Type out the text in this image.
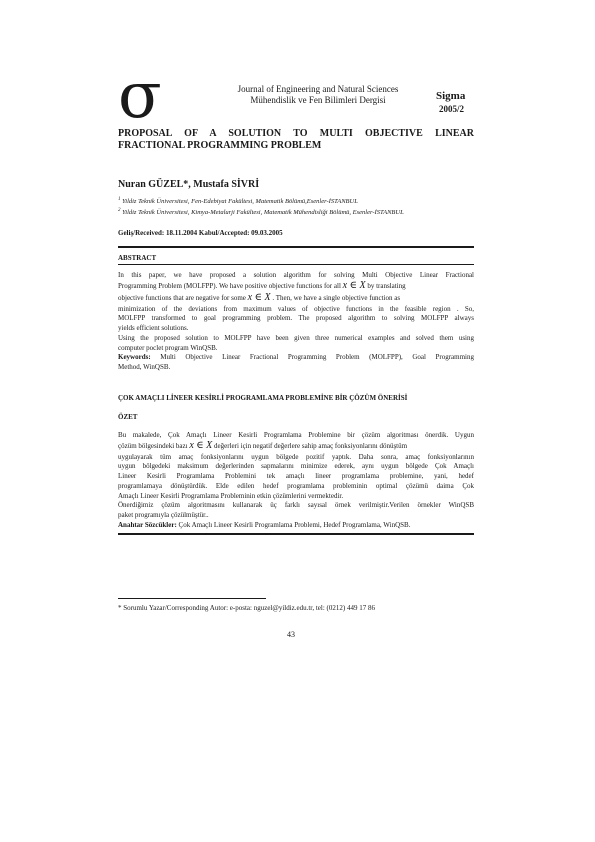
σ	Journal of Engineering and Natural Sciences
Mühendislik ve Fen Bilimleri Dergisi	Sigma
2005/2
PROPOSAL OF A SOLUTION TO MULTI OBJECTIVE LINEAR
FRACTIONAL PROGRAMMING PROBLEM
Nuran GÜZEL*, Mustafa SİVRİ
$^1$ Yildiz Teknik Üniversitesi, Fen-Edebiyat Fakültesi, Matematik Bölümü,Esenler-İSTANBUL
$^2$ Yildiz Teknik Üniversitesi, Kimya-Metalurji Fakültesi, Matematik Mühendisliği Bölümü, Esenler-İSTANBUL
Geliş/Received: 18.11.2004 Kabul/Accepted: 09.03.2005
ABSTRACT
In this paper, we have proposed a solution algorithm for solving Multi Objective Linear Fractional
Programming Problem (MOLFPP). We have positive objective functions for all x ∈ X by translating
objective functions that are negative for some x ∈ X . Then, we have a single objective function as
minimization of the deviations from maximum values of objective functions in the feasible region . So,
MOLFPP transformed to goal programming problem. The proposed algorithm to solving MOLFPP always
yields efficient solutions.
Using the proposed solution to MOLFPP have been given three numerical examples and solved them using
computer poclet program WinQSB.
Keywords: Multi Objective Linear Fractional Programming Problem (MOLFPP), Goal Programming
Method, WinQSB.
ÇOK AMAÇLI LİNEER KESİRLİ PROGRAMLAMA PROBLEMİNE BİR ÇÖZÜM ÖNERİSİ
ÖZET
Bu makalede, Çok Amaçlı Lineer Kesirli Programlama Problemine bir çözüm algoritması önerdik. Uygun
çözüm bölgesindeki bazı x ∈ X değerleri için negatif değerlere sahip amaç fonksiyonlarını dönüştüm
uygulayarak tüm amaç fonksiyonlarını uygun bölgede pozitif yaptık. Daha sonra, amaç fonksiyonlarının
uygun bölgedeki maksimum değerlerinden sapmalarını minimize ederek, aynı uygun bölgede Çok Amaçlı
Lineer Kesirli Programlama Problemini tek amaçlı lineer programlama problemine, yani, hedef
programlamaya dönüştürdük. Elde edilen hedef programlama probleminin optimal çözümü daima Çok
Amaçlı Lineer Kesirli Programlama Probleminin etkin çözümlerini vermektedir.
Önerdiğimiz çözüm algoritmasını kullanarak üç farklı sayısal örnek verilmiştir.Verilen örnekler WinQSB
paket programıyla çözülmüştür..
Anahtar Sözcükler: Çok Amaçlı Lineer Kesirli Programlama Problemi, Hedef Programlama, WinQSB.
* Sorumlu Yazar/Corresponding Autor: e-posta: nguzel@yildiz.edu.tr, tel: (0212) 449 17 86
43
